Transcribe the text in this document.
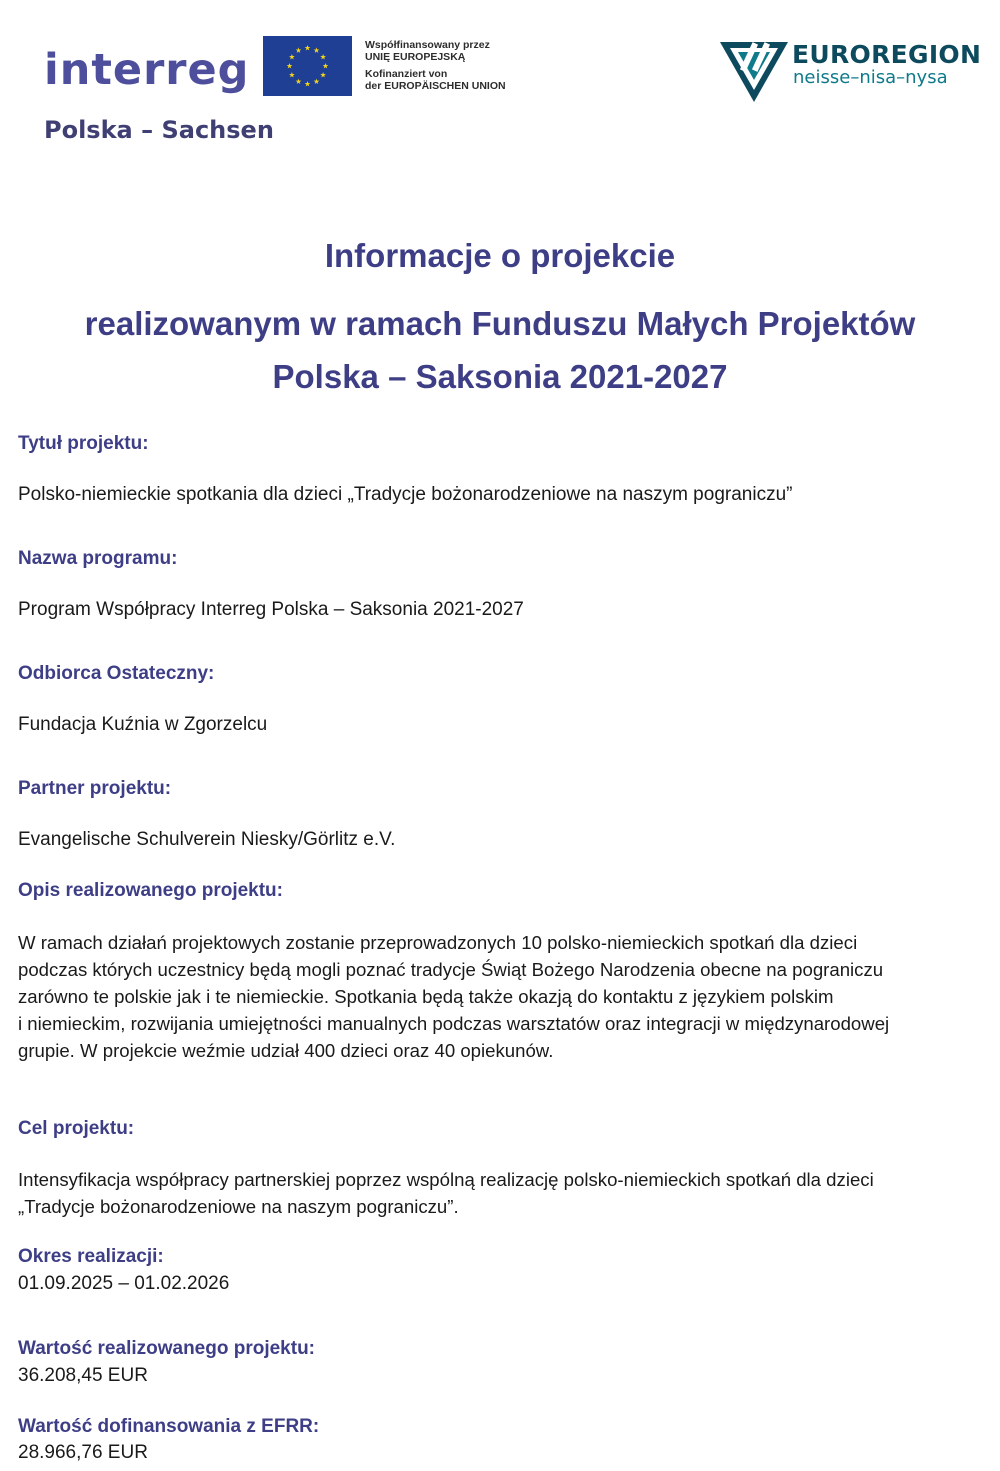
interreg
Polska – Sachsen
Współfinansowany przez
UNIĘ EUROPEJSKĄ
Kofinanziert von
der EUROPÄISCHEN UNION
EUROREGION
neisse–nisa–nysa
Informacje o projekcie
realizowanym w ramach Funduszu Małych Projektów
Polska – Saksonia 2021-2027
Tytuł projektu:
Polsko-niemieckie spotkania dla dzieci „Tradycje bożonarodzeniowe na naszym pograniczu”
Nazwa programu:
Program Współpracy Interreg Polska – Saksonia 2021-2027
Odbiorca Ostateczny:
Fundacja Kuźnia w Zgorzelcu
Partner projektu:
Evangelische Schulverein Niesky/Görlitz e.V.
Opis realizowanego projektu:
W ramach działań projektowych zostanie przeprowadzonych 10 polsko-niemieckich spotkań dla dzieci
podczas których uczestnicy będą mogli poznać tradycje Świąt Bożego Narodzenia obecne na pograniczu
zarówno te polskie jak i te niemieckie. Spotkania będą także okazją do kontaktu z językiem polskim
i niemieckim, rozwijania umiejętności manualnych podczas warsztatów oraz integracji w międzynarodowej
grupie. W projekcie weźmie udział 400 dzieci oraz 40 opiekunów.
Cel projektu:
Intensyfikacja współpracy partnerskiej poprzez wspólną realizację polsko-niemieckich spotkań dla dzieci
„Tradycje bożonarodzeniowe na naszym pograniczu”.
Okres realizacji:
01.09.2025 – 01.02.2026
Wartość realizowanego projektu:
36.208,45 EUR
Wartość dofinansowania z EFRR:
28.966,76 EUR
